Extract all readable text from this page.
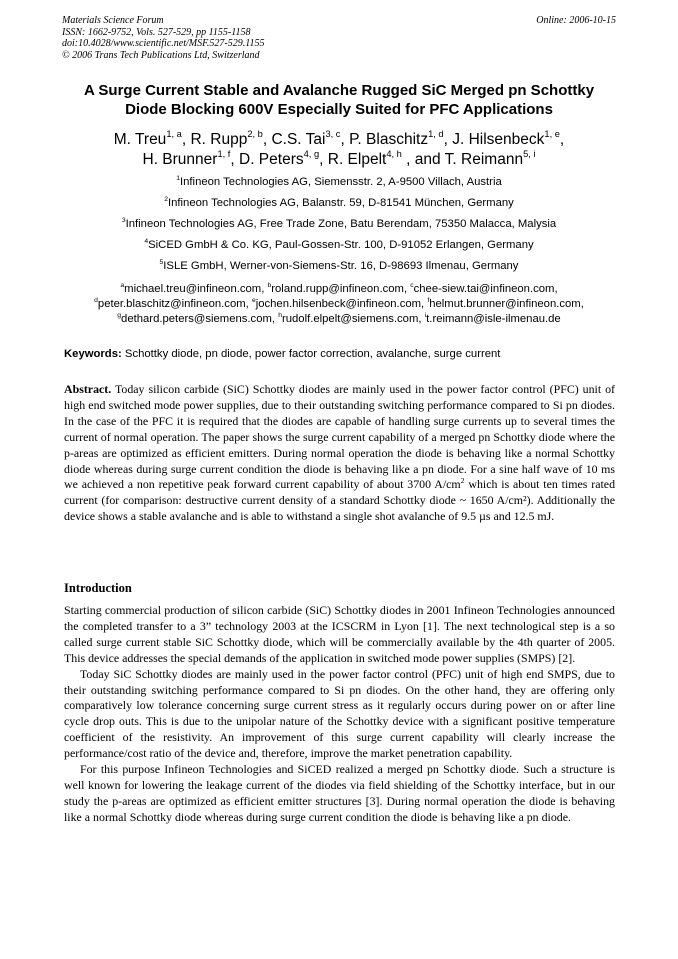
Materials Science Forum
ISSN: 1662-9752, Vols. 527-529, pp 1155-1158
doi:10.4028/www.scientific.net/MSF.527-529.1155
© 2006 Trans Tech Publications Ltd, Switzerland
Online: 2006-10-15
A Surge Current Stable and Avalanche Rugged SiC Merged pn Schottky
Diode Blocking 600V Especially Suited for PFC Applications
M. Treu$^{1, a}$, R. Rupp$^{2, b}$, C.S. Tai$^{3, c}$, P. Blaschitz$^{1, d}$, J. Hilsenbeck$^{1, e}$,
H. Brunner$^{1, f}$, D. Peters$^{4, g}$, R. Elpelt$^{4, h}$ , and T. Reimann$^{5, i}$
$^1$Infineon Technologies AG, Siemensstr. 2, A-9500 Villach, Austria
$^2$Infineon Technologies AG, Balanstr. 59, D-81541 München, Germany
$^3$Infineon Technologies AG, Free Trade Zone, Batu Berendam, 75350 Malacca, Malysia
$^4$SiCED GmbH & Co. KG, Paul-Gossen-Str. 100, D-91052 Erlangen, Germany
$^5$ISLE GmbH, Werner-von-Siemens-Str. 16, D-98693 Ilmenau, Germany
$^a$michael.treu@infineon.com, $^b$roland.rupp@infineon.com, $^c$chee-siew.tai@infineon.com,
$^d$peter.blaschitz@infineon.com, $^e$jochen.hilsenbeck@infineon.com, $^f$helmut.brunner@infineon.com,
$^g$dethard.peters@siemens.com, $^h$rudolf.elpelt@siemens.com, $^i$t.reimann@isle-ilmenau.de
Keywords: Schottky diode, pn diode, power factor correction, avalanche, surge current

Abstract. Today silicon carbide (SiC) Schottky diodes are mainly used in the power factor control (PFC) unit of high end switched mode power supplies, due to their outstanding switching performance compared to Si pn diodes. In the case of the PFC it is required that the diodes are capable of handling surge currents up to several times the current of normal operation. The paper shows the surge current capability of a merged pn Schottky diode where the p-areas are optimized as efficient emitters. During normal operation the diode is behaving like a normal Schottky diode whereas during surge current condition the diode is behaving like a pn diode. For a sine half wave of 10 ms we achieved a non repetitive peak forward current capability of about 3700 $A/cm^2$ which is about ten times rated current (for comparison: destructive current density of a standard Schottky diode ~ 1650 A/cm²). Additionally the device shows a stable avalanche and is able to withstand a single shot avalanche of 9.5 µs and 12.5 mJ.

Introduction

Starting commercial production of silicon carbide (SiC) Schottky diodes in 2001 Infineon Technologies announced the completed transfer to a 3” technology 2003 at the ICSCRM in Lyon [1]. The next technological step is a so called surge current stable SiC Schottky diode, which will be commercially available by the 4th quarter of 2005. This device addresses the special demands of the application in switched mode power supplies (SMPS) [2].

Today SiC Schottky diodes are mainly used in the power factor control (PFC) unit of high end SMPS, due to their outstanding switching performance compared to Si pn diodes. On the other hand, they are offering only comparatively low tolerance concerning surge current stress as it regularly occurs during power on or after line cycle drop outs. This is due to the unipolar nature of the Schottky device with a significant positive temperature coefficient of the resistivity. An improvement of this surge current capability will clearly increase the performance/cost ratio of the device and, therefore, improve the market penetration capability.

For this purpose Infineon Technologies and SiCED realized a merged pn Schottky diode. Such a structure is well known for lowering the leakage current of the diodes via field shielding of the Schottky interface, but in our study the p-areas are optimized as efficient emitter structures [3]. During normal operation the diode is behaving like a normal Schottky diode whereas during surge current condition the diode is behaving like a pn diode.
